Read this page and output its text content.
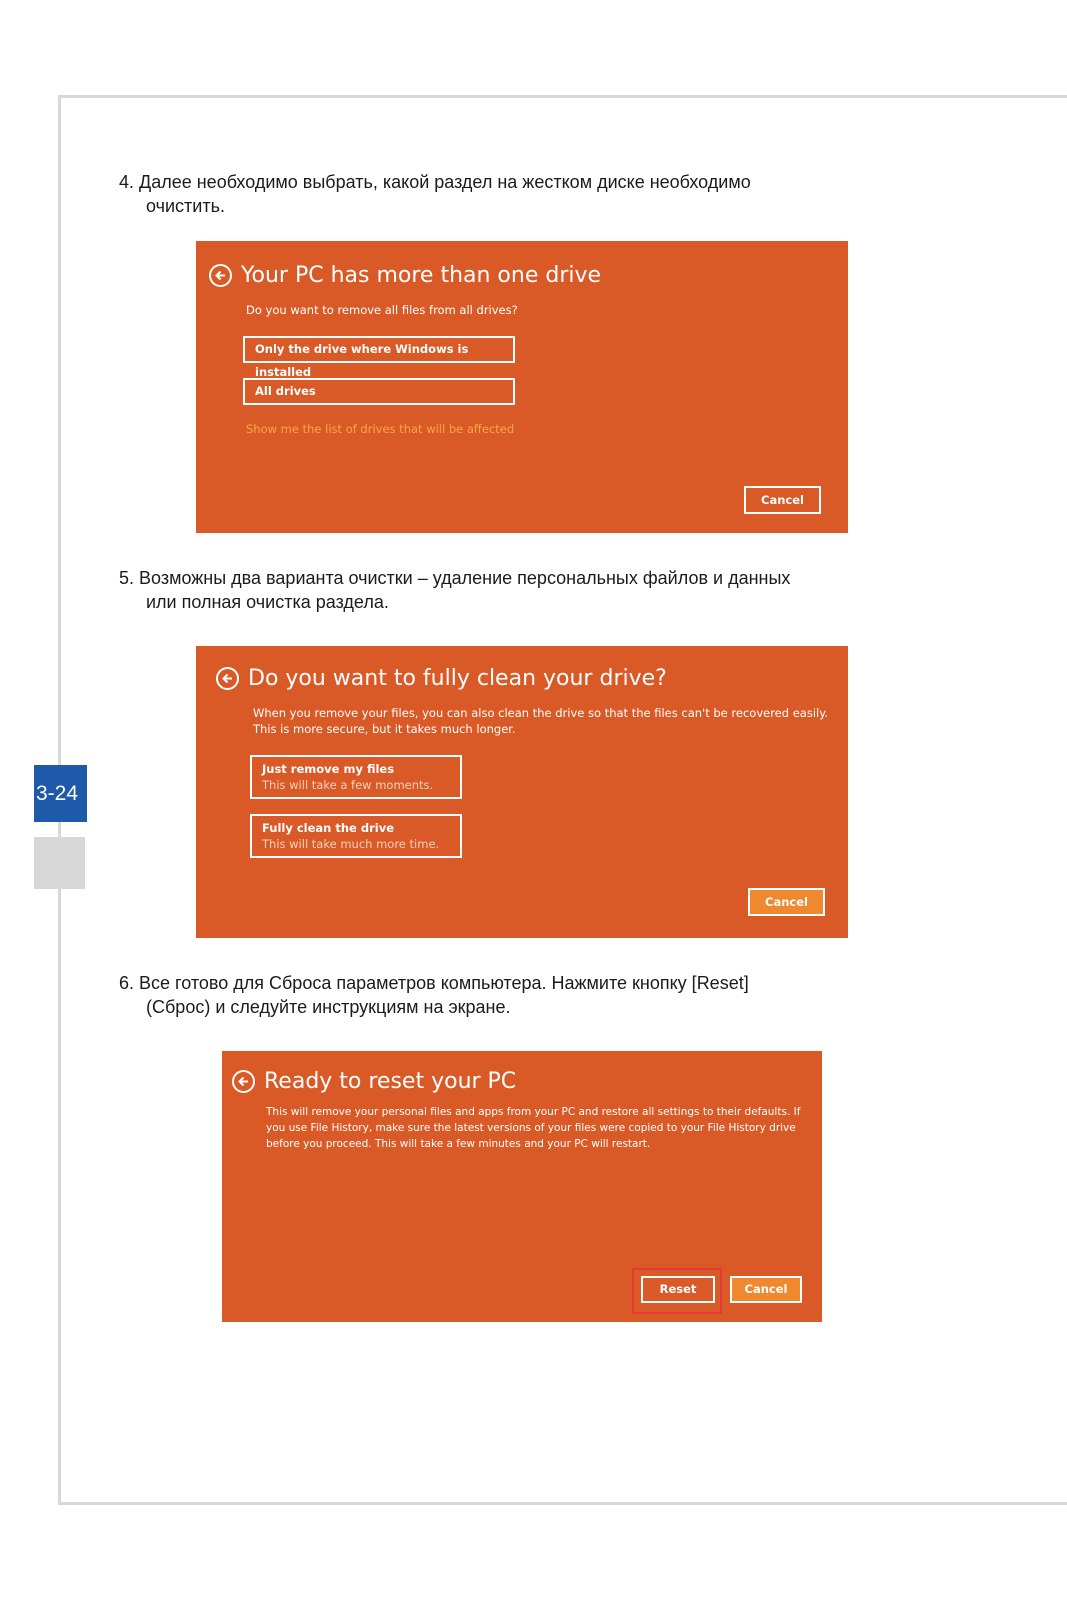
3-24
4. Далее необходимо выбрать, какой раздел на жестком диске необходимо
очистить.
Your PC has more than one drive
Do you want to remove all files from all drives?
Only the drive where Windows is installed
All drives
Show me the list of drives that will be affected
Cancel
5. Возможны два варианта очистки – удаление персональных файлов и данных
или полная очистка раздела.
Do you want to fully clean your drive?
When you remove your files, you can also clean the drive so that the files can't be recovered easily.
This is more secure, but it takes much longer.
Just remove my files
This will take a few moments.
Fully clean the drive
This will take much more time.
Cancel
6. Все готово для Сброса параметров компьютера. Нажмите кнопку [Reset]
(Сброс) и следуйте инструкциям на экране.
Ready to reset your PC
This will remove your personal files and apps from your PC and restore all settings to their defaults. If
you use File History, make sure the latest versions of your files were copied to your File History drive
before you proceed. This will take a few minutes and your PC will restart.
Reset	Cancel
